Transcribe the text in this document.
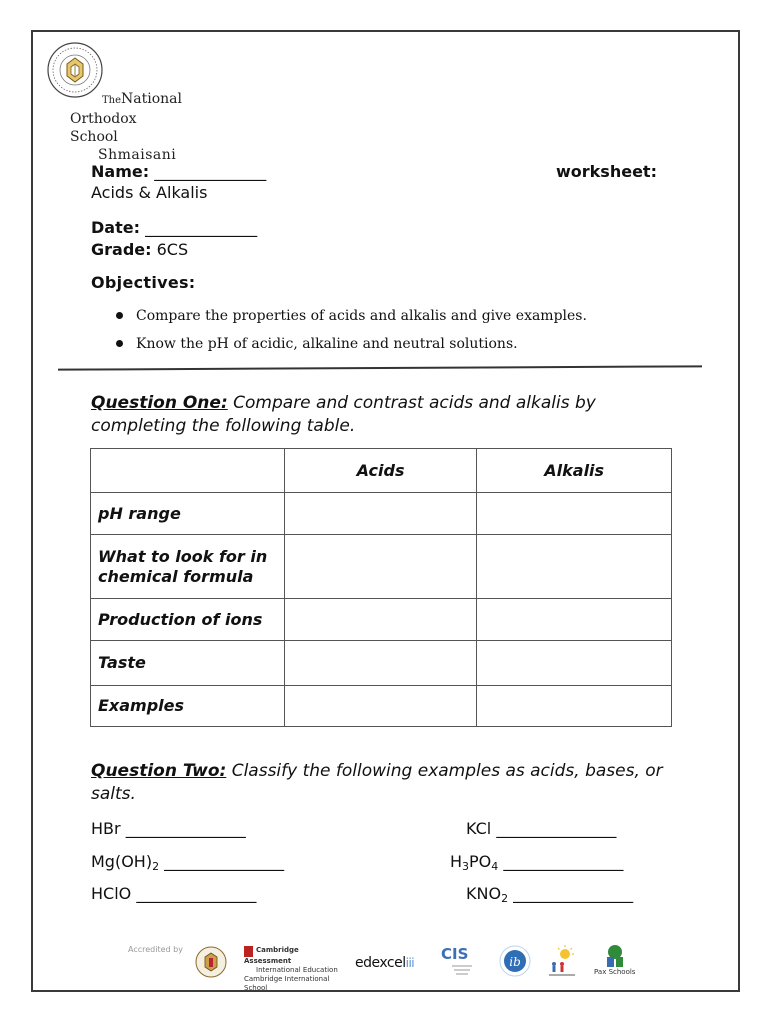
TheNational
Orthodox School
Shmaisani
Name: ______________	worksheet:
Acids & Alkalis
Date: ______________
Grade: 6CS
Objectives:
Compare the properties of acids and alkalis and give examples.
Know the pH of acidic, alkaline and neutral solutions.
Question One: Compare and contrast acids and alkalis by completing the following table.
	Acids	Alkalis
pH range		
What to look for in chemical formula		
Production of ions		
Taste		
Examples		
Question Two: Classify the following examples as acids, bases, or salts.
HBr _______________	KCl _______________
$Mg(OH)_2$ _______________	$H_3PO_4$ _______________
HClO _______________	$KNO_2$ _______________
Accredited by	Cambridge Assessment
International Education
Cambridge International School
edexceliii CIS	ib
Pax Schools
